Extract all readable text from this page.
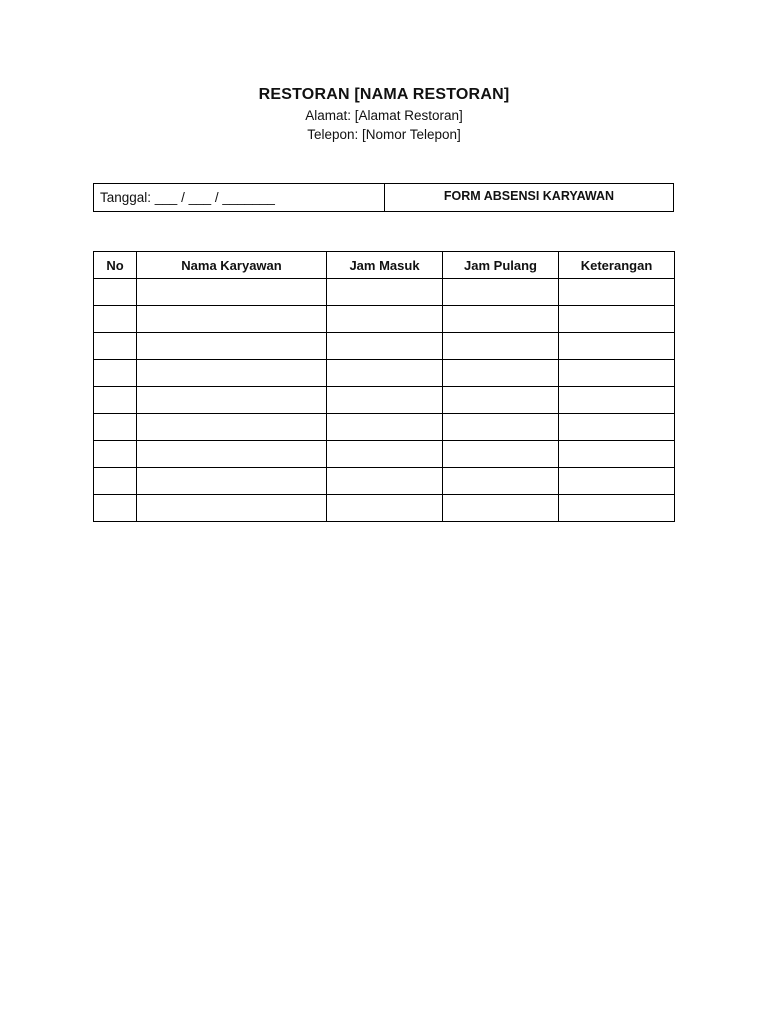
RESTORAN [NAMA RESTORAN]
Alamat: [Alamat Restoran]
Telepon: [Nomor Telepon]
Tanggal: ___ / ___ / _______	FORM ABSENSI KARYAWAN
No	Nama Karyawan	Jam Masuk	Jam Pulang	Keterangan
